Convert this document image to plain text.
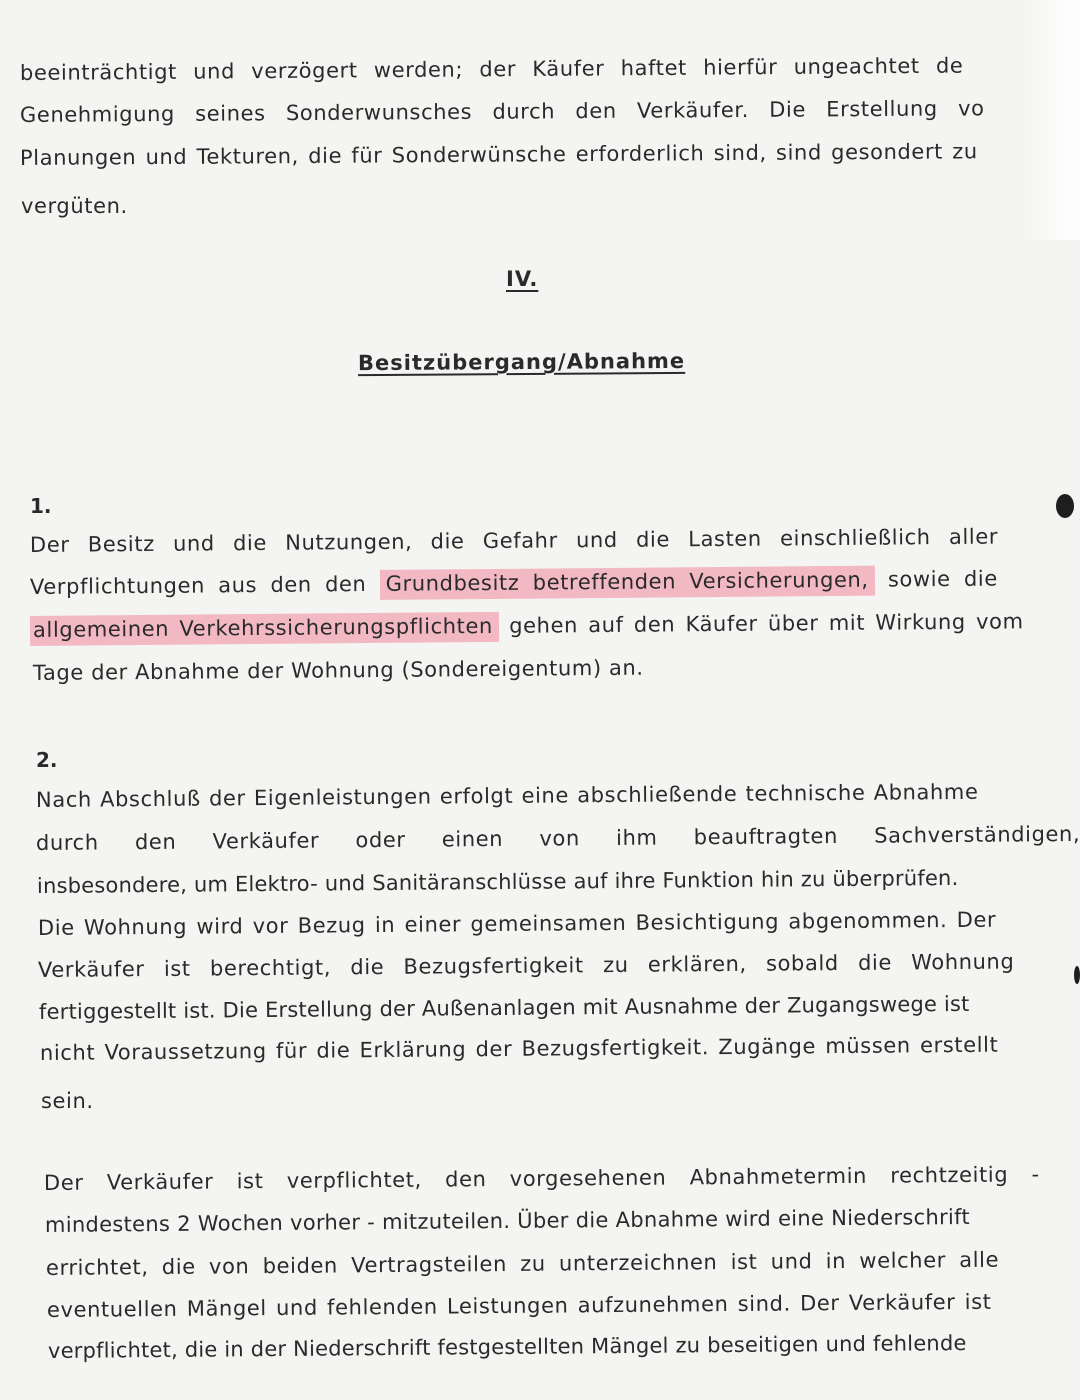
beeinträchtigt und verzögert werden; der Käufer haftet hierfür ungeachtet de
Genehmigung seines Sonderwunsches durch den Verkäufer. Die Erstellung vo
Planungen und Tekturen, die für Sonderwünsche erforderlich sind, sind gesondert zu
vergüten.
IV.
Besitzübergang/Abnahme
1.
Der Besitz und die Nutzungen, die Gefahr und die Lasten einschließlich aller
Verpflichtungen aus den den Grundbesitz betreffenden Versicherungen, sowie die
allgemeinen Verkehrssicherungspflichten gehen auf den Käufer über mit Wirkung vom
Tage der Abnahme der Wohnung (Sondereigentum) an.
2.
Nach Abschluß der Eigenleistungen erfolgt eine abschließende technische Abnahme
durch den Verkäufer oder einen von ihm beauftragten Sachverständigen,
insbesondere, um Elektro- und Sanitäranschlüsse auf ihre Funktion hin zu überprüfen.
Die Wohnung wird vor Bezug in einer gemeinsamen Besichtigung abgenommen. Der
Verkäufer ist berechtigt, die Bezugsfertigkeit zu erklären, sobald die Wohnung
fertiggestellt ist. Die Erstellung der Außenanlagen mit Ausnahme der Zugangswege ist
nicht Voraussetzung für die Erklärung der Bezugsfertigkeit. Zugänge müssen erstellt
sein.
Der Verkäufer ist verpflichtet, den vorgesehenen Abnahmetermin rechtzeitig -
mindestens 2 Wochen vorher - mitzuteilen. Über die Abnahme wird eine Niederschrift
errichtet, die von beiden Vertragsteilen zu unterzeichnen ist und in welcher alle
eventuellen Mängel und fehlenden Leistungen aufzunehmen sind. Der Verkäufer ist
verpflichtet, die in der Niederschrift festgestellten Mängel zu beseitigen und fehlende
